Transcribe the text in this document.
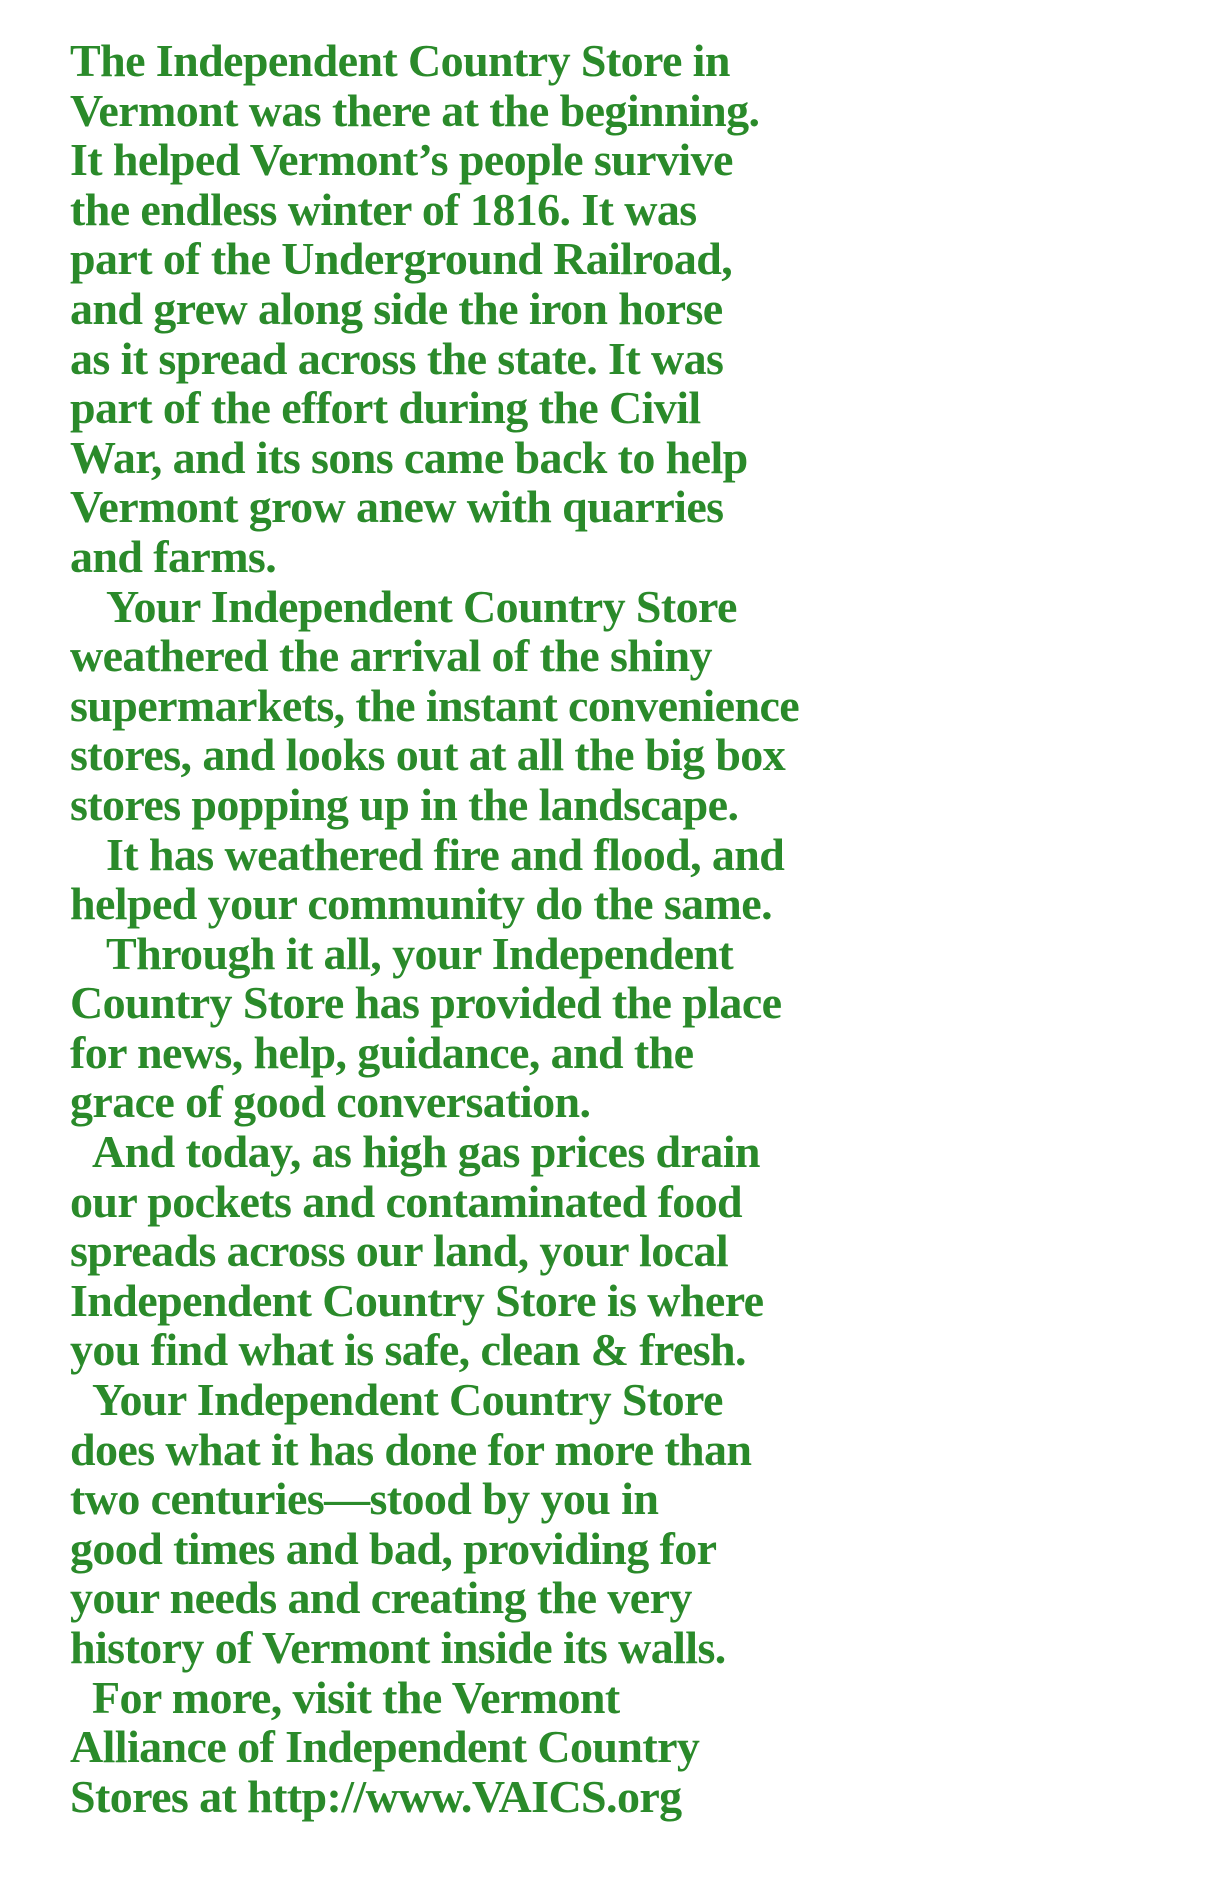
The Independent Country Store in
Vermont was there at the beginning.
It helped Vermont’s people survive
the endless winter of 1816. It was
part of the Underground Railroad,
and grew along side the iron horse
as it spread across the state. It was
part of the effort during the Civil
War, and its sons came back to help
Vermont grow anew with quarries
and farms.
Your Independent Country Store
weathered the arrival of the shiny
supermarkets, the instant convenience
stores, and looks out at all the big box
stores popping up in the landscape.
It has weathered fire and flood, and
helped your community do the same.
Through it all, your Independent
Country Store has provided the place
for news, help, guidance, and the
grace of good conversation.
And today, as high gas prices drain
our pockets and contaminated food
spreads across our land, your local
Independent Country Store is where
you find what is safe, clean & fresh.
Your Independent Country Store
does what it has done for more than
two centuries—stood by you in
good times and bad, providing for
your needs and creating the very
history of Vermont inside its walls.
For more, visit the Vermont
Alliance of Independent Country
Stores at http://www.VAICS.org
